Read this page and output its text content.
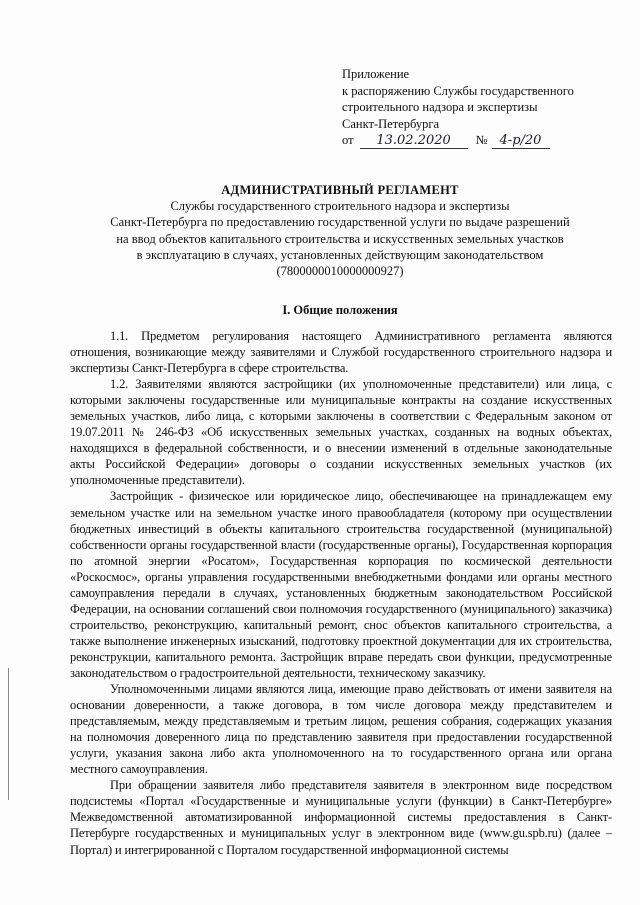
Приложение
к распоряжению Службы государственного
строительного надзора и экспертизы
Санкт-Петербурга
от	13.02.2020	№ 4-р/20
АДМИНИСТРАТИВНЫЙ РЕГЛАМЕНТ
Службы государственного строительного надзора и экспертизы
Санкт-Петербурга по предоставлению государственной услуги по выдаче разрешений
на ввод объектов капитального строительства и искусственных земельных участков
в эксплуатацию в случаях, установленных действующим законодательством
(7800000010000000927)
I. Общие положения

1.1. Предметом регулирования настоящего Административного регламента являются отношения, возникающие между заявителями и Службой государственного строительного надзора и экспертизы Санкт-Петербурга в сфере строительства.

1.2. Заявителями являются застройщики (их уполномоченные представители) или лица, с которыми заключены государственные или муниципальные контракты на создание искусственных земельных участков, либо лица, с которыми заключены в соответствии с Федеральным законом от 19.07.2011 № 246-ФЗ «Об искусственных земельных участках, созданных на водных объектах, находящихся в федеральной собственности, и о внесении изменений в отдельные законодательные акты Российской Федерации» договоры о создании искусственных земельных участков (их уполномоченные представители).

Застройщик - физическое или юридическое лицо, обеспечивающее на принадлежащем ему земельном участке или на земельном участке иного правообладателя (которому при осуществлении бюджетных инвестиций в объекты капитального строительства государственной (муниципальной) собственности органы государственной власти (государственные органы), Государственная корпорация по атомной энергии «Росатом», Государственная корпорация по космической деятельности «Роскосмос», органы управления государственными внебюджетными фондами или органы местного самоуправления передали в случаях, установленных бюджетным законодательством Российской Федерации, на основании соглашений свои полномочия государственного (муниципального) заказчика) строительство, реконструкцию, капитальный ремонт, снос объектов капитального строительства, а также выполнение инженерных изысканий, подготовку проектной документации для их строительства, реконструкции, капитального ремонта. Застройщик вправе передать свои функции, предусмотренные законодательством о градостроительной деятельности, техническому заказчику.

Уполномоченными лицами являются лица, имеющие право действовать от имени заявителя на основании доверенности, а также договора, в том числе договора между представителем и представляемым, между представляемым и третьим лицом, решения собрания, содержащих указания на полномочия доверенного лица по представлению заявителя при предоставлении государственной услуги, указания закона либо акта уполномоченного на то государственного органа или органа местного самоуправления.

При обращении заявителя либо представителя заявителя в электронном виде посредством подсистемы «Портал «Государственные и муниципальные услуги (функции) в Санкт-Петербурге» Межведомственной автоматизированной информационной системы предоставления в Санкт-Петербурге государственных и муниципальных услуг в электронном виде (www.gu.spb.ru) (далее – Портал) и интегрированной с Порталом государственной информационной системы
